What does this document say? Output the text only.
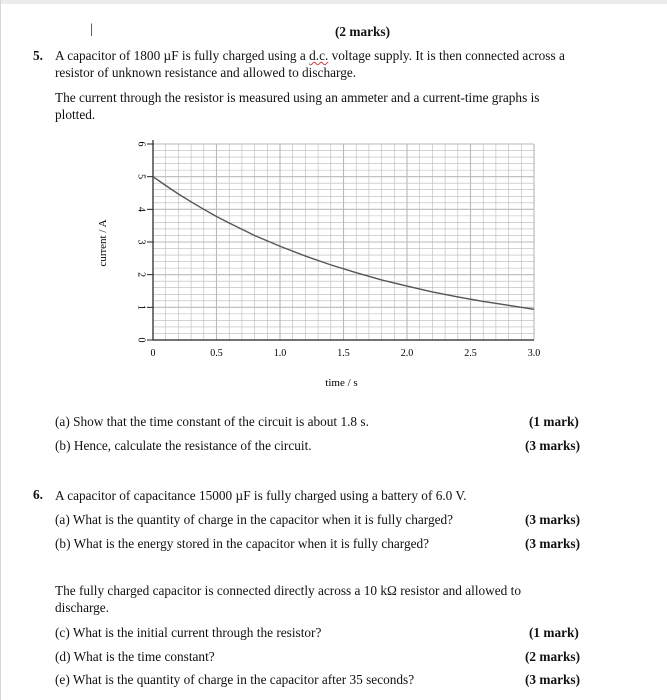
|	(2 marks)
5. A capacitor of 1800 µF is fully charged using a d.c. voltage supply. It is then connected across a resistor of unknown resistance and allowed to discharge.
The current through the resistor is measured using an ammeter and a current-time graphs is plotted.
0
1
2
3
4
5
6
0	0.5	1.0	1.5	2.0	2.5	3.0
current / A
time / s
(a) Show that the time constant of the circuit is about 1.8 s.	(1 mark)
(b) Hence, calculate the resistance of the circuit.	(3 marks)
6. A capacitor of capacitance 15000 µF is fully charged using a battery of 6.0 V.
(a) What is the quantity of charge in the capacitor when it is fully charged?	(3 marks)
(b) What is the energy stored in the capacitor when it is fully charged?	(3 marks)
The fully charged capacitor is connected directly across a 10 kΩ resistor and allowed to discharge.
(c) What is the initial current through the resistor?	(1 mark)
(d) What is the time constant?	(2 marks)
(e) What is the quantity of charge in the capacitor after 35 seconds?	(3 marks)
